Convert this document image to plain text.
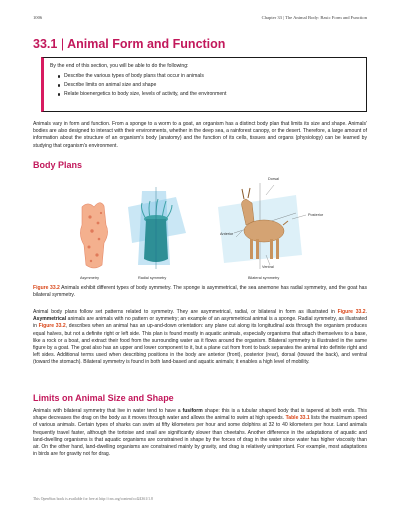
1006	Chapter 33 | The Animal Body: Basic Form and Function
33.1 | Animal Form and Function
By the end of this section, you will be able to do the following:
Describe the various types of body plans that occur in animals
Describe limits on animal size and shape
Relate bioenergetics to body size, levels of activity, and the environment

Animals vary in form and function. From a sponge to a worm to a goat, an organism has a distinct body plan that limits its size and shape. Animals' bodies are also designed to interact with their environments, whether in the deep sea, a rainforest canopy, or the desert. Therefore, a large amount of information about the structure of an organism's body (anatomy) and the function of its cells, tissues and organs (physiology) can be learned by studying that organism's environment.

Body Plans
Dorsal
Posterior
Anterior
Ventral
Asymmetry	Radial symmetry	Bilateral symmetry

Figure 33.2 Animals exhibit different types of body symmetry. The sponge is asymmetrical, the sea anemone has radial symmetry, and the goat has bilateral symmetry.

Animal body plans follow set patterns related to symmetry. They are asymmetrical, radial, or bilateral in form as illustrated in Figure 33.2. Asymmetrical animals are animals with no pattern or symmetry; an example of an asymmetrical animal is a sponge. Radial symmetry, as illustrated in Figure 33.2, describes when an animal has an up-and-down orientation: any plane cut along its longitudinal axis through the organism produces equal halves, but not a definite right or left side. This plan is found mostly in aquatic animals, especially organisms that attach themselves to a base, like a rock or a boat, and extract their food from the surrounding water as it flows around the organism. Bilateral symmetry is illustrated in the same figure by a goat. The goat also has an upper and lower component to it, but a plane cut from front to back separates the animal into definite right and left sides. Additional terms used when describing positions in the body are anterior (front), posterior (rear), dorsal (toward the back), and ventral (toward the stomach). Bilateral symmetry is found in both land-based and aquatic animals; it enables a high level of mobility.

Limits on Animal Size and Shape

Animals with bilateral symmetry that live in water tend to have a fusiform shape: this is a tubular shaped body that is tapered at both ends. This shape decreases the drag on the body as it moves through water and allows the animal to swim at high speeds. Table 33.1 lists the maximum speed of various animals. Certain types of sharks can swim at fifty kilometers per hour and some dolphins at 32 to 40 kilometers per hour. Land animals frequently travel faster, although the tortoise and snail are significantly slower than cheetahs. Another difference in the adaptations of aquatic and land-dwelling organisms is that aquatic organisms are constrained in shape by the forces of drag in the water since water has higher viscosity than air. On the other hand, land-dwelling organisms are constrained mainly by gravity, and drag is relatively unimportant. For example, most adaptations in birds are for gravity not for drag.

This OpenStax book is available for free at http://cnx.org/content/col24361/1.8
